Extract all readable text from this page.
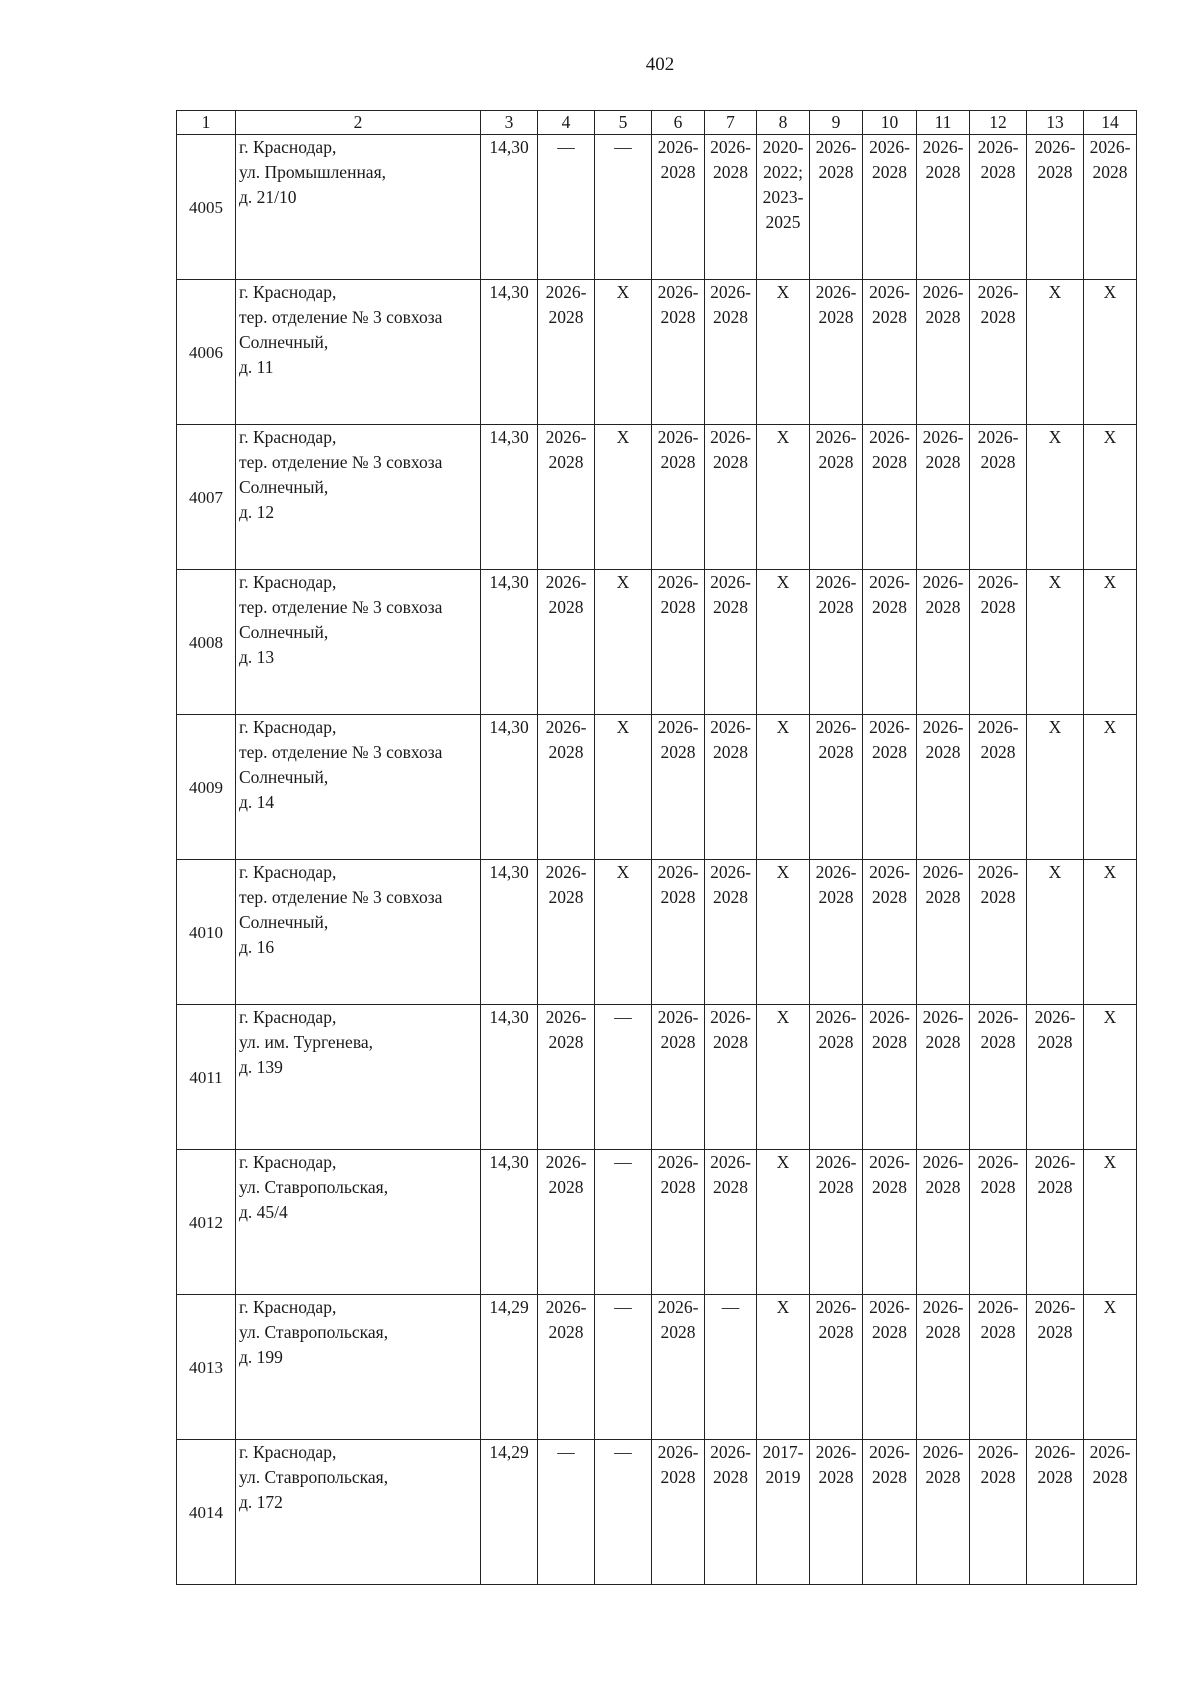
402
1	2	3	4	5	6	7	8	9	10	11	12	13	14
4005	г. Краснодар,
ул. Промышленная,
д. 21/10	14,30	—	—	2026-
2028	2026-
2028	2020-
2022;
2023-
2025	2026-
2028	2026-
2028	2026-
2028	2026-
2028	2026-
2028	2026-
2028
4006	г. Краснодар,
тер. отделение № 3 совхоза
Солнечный,
д. 11	14,30	2026-
2028	X	2026-
2028	2026-
2028	X	2026-
2028	2026-
2028	2026-
2028	2026-
2028	X	X
4007	г. Краснодар,
тер. отделение № 3 совхоза
Солнечный,
д. 12	14,30	2026-
2028	X	2026-
2028	2026-
2028	X	2026-
2028	2026-
2028	2026-
2028	2026-
2028	X	X
4008	г. Краснодар,
тер. отделение № 3 совхоза
Солнечный,
д. 13	14,30	2026-
2028	X	2026-
2028	2026-
2028	X	2026-
2028	2026-
2028	2026-
2028	2026-
2028	X	X
4009	г. Краснодар,
тер. отделение № 3 совхоза
Солнечный,
д. 14	14,30	2026-
2028	X	2026-
2028	2026-
2028	X	2026-
2028	2026-
2028	2026-
2028	2026-
2028	X	X
4010	г. Краснодар,
тер. отделение № 3 совхоза
Солнечный,
д. 16	14,30	2026-
2028	X	2026-
2028	2026-
2028	X	2026-
2028	2026-
2028	2026-
2028	2026-
2028	X	X
4011	г. Краснодар,
ул. им. Тургенева,
д. 139	14,30	2026-
2028	—	2026-
2028	2026-
2028	X	2026-
2028	2026-
2028	2026-
2028	2026-
2028	2026-
2028	X
4012	г. Краснодар,
ул. Ставропольская,
д. 45/4	14,30	2026-
2028	—	2026-
2028	2026-
2028	X	2026-
2028	2026-
2028	2026-
2028	2026-
2028	2026-
2028	X
4013	г. Краснодар,
ул. Ставропольская,
д. 199	14,29	2026-
2028	—	2026-
2028	—	X	2026-
2028	2026-
2028	2026-
2028	2026-
2028	2026-
2028	X
4014	г. Краснодар,
ул. Ставропольская,
д. 172	14,29	—	—	2026-
2028	2026-
2028	2017-
2019	2026-
2028	2026-
2028	2026-
2028	2026-
2028	2026-
2028	2026-
2028
